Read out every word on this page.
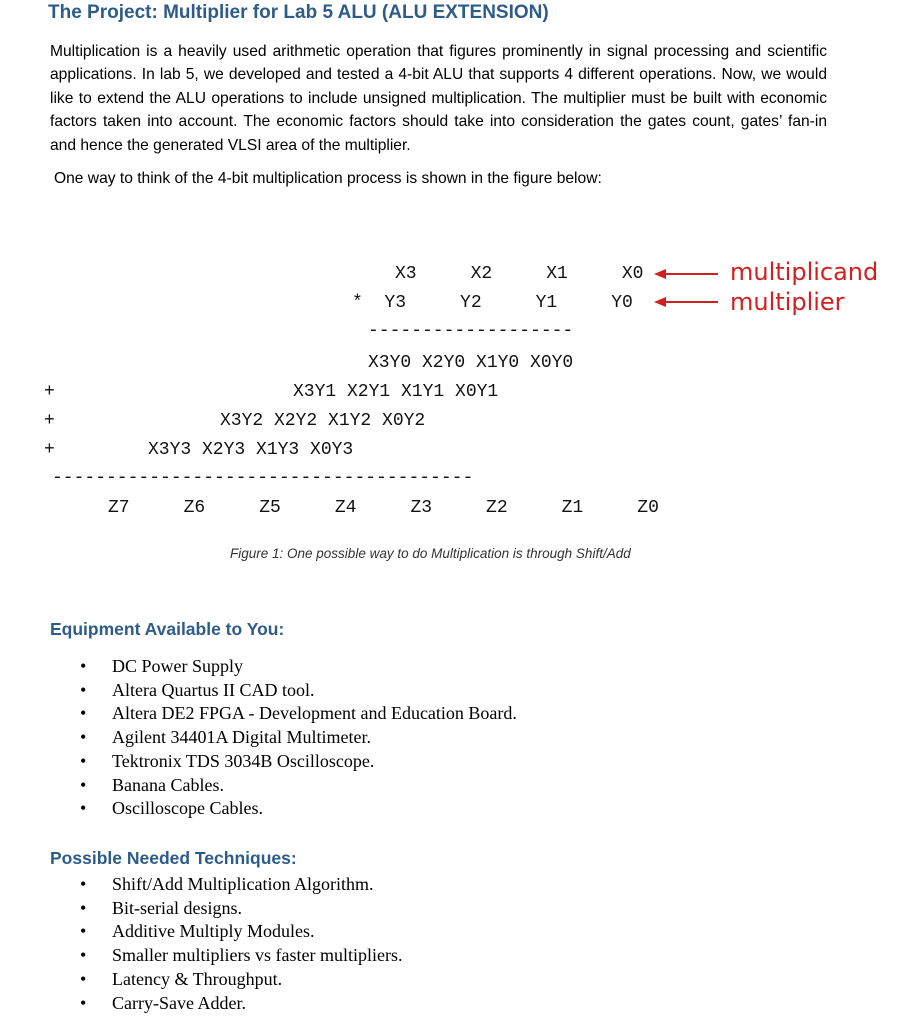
The Project: Multiplier for Lab 5 ALU (ALU EXTENSION)

Multiplication is a heavily used arithmetic operation that figures prominently in signal processing and scientific applications. In lab 5, we developed and tested a 4-bit ALU that supports 4 different operations. Now, we would like to extend the ALU operations to include unsigned multiplication. The multiplier must be built with economic factors taken into account. The economic factors should take into consideration the gates count, gates’ fan-in and hence the generated VLSI area of the multiplier.

One way to think of the 4-bit multiplication process is shown in the figure below:

X3     X2     X1     X0
*  Y3     Y2     Y1     Y0
multiplicand
multiplier
-------------------
X3Y0 X2Y0 X1Y0 X0Y0
+	X3Y1 X2Y1 X1Y1 X0Y1
+	X3Y2 X2Y2 X1Y2 X0Y2
+	X3Y3 X2Y3 X1Y3 X0Y3
---------------------------------------
Z7     Z6     Z5     Z4     Z3     Z2     Z1     Z0

Figure 1: One possible way to do Multiplication is through Shift/Add

Equipment Available to You:
• DC Power Supply
• Altera Quartus II CAD tool.
• Altera DE2 FPGA - Development and Education Board.
• Agilent 34401A Digital Multimeter.
• Tektronix TDS 3034B Oscilloscope.
• Banana Cables.
• Oscilloscope Cables.
Possible Needed Techniques:
• Shift/Add Multiplication Algorithm.
• Bit-serial designs.
• Additive Multiply Modules.
• Smaller multipliers vs faster multipliers.
• Latency & Throughput.
• Carry-Save Adder.
